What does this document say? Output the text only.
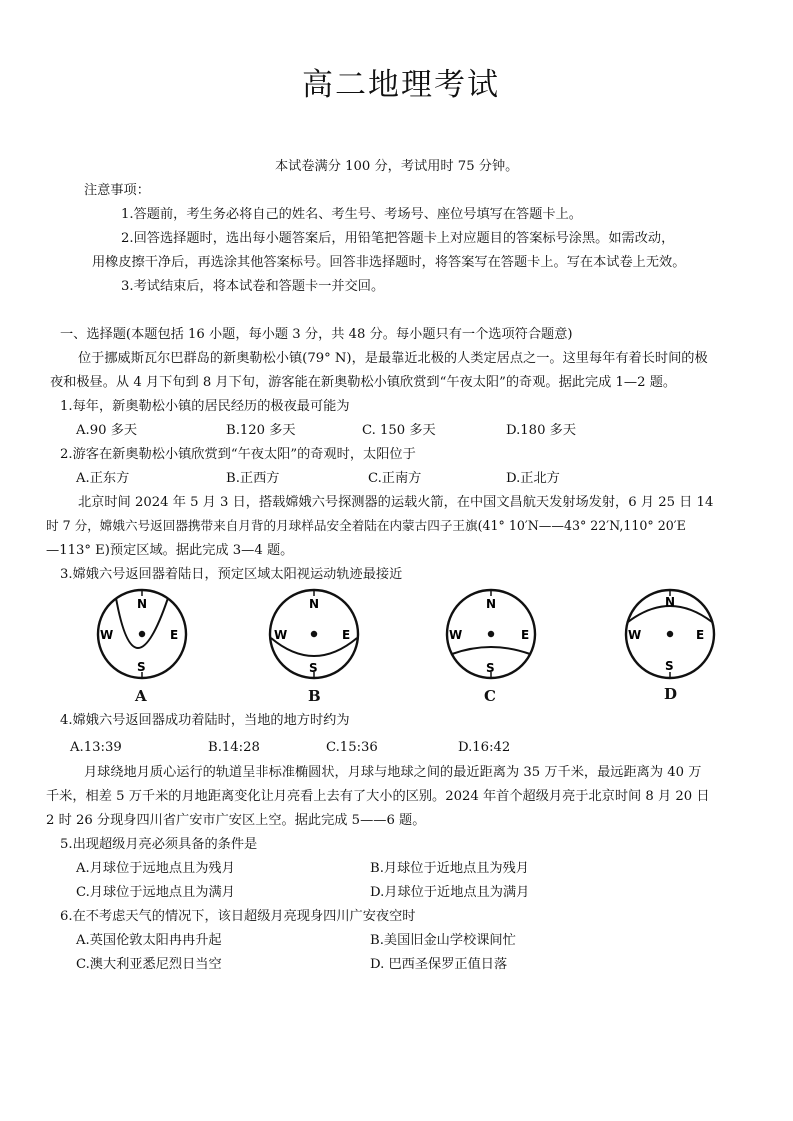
高二地理考试
本试卷满分 100 分，考试用时 75 分钟。
注意事项：
1.答题前，考生务必将自己的姓名、考生号、考场号、座位号填写在答题卡上。
2.回答选择题时，选出每小题答案后，用铅笔把答题卡上对应题目的答案标号涂黑。如需改动，
用橡皮擦干净后，再选涂其他答案标号。回答非选择题时，将答案写在答题卡上。写在本试卷上无效。
3.考试结束后，将本试卷和答题卡一并交回。
一、选择题(本题包括 16 小题，每小题 3 分，共 48 分。每小题只有一个选项符合题意)
位于挪威斯瓦尔巴群岛的新奥勒松小镇(79° N)，是最靠近北极的人类定居点之一。这里每年有着长时间的极
夜和极昼。从 4 月下旬到 8 月下旬，游客能在新奥勒松小镇欣赏到“午夜太阳”的奇观。据此完成 1—2 题。
1.每年，新奥勒松小镇的居民经历的极夜最可能为
A.90 多天	B.120 多天	C. 150 多天	D.180 多天
2.游客在新奥勒松小镇欣赏到“午夜太阳”的奇观时，太阳位于
A.正东方	B.正西方	C.正南方	D.正北方
北京时间 2024 年 5 月 3 日，搭载嫦娥六号探测器的运载火箭，在中国文昌航天发射场发射，6 月 25 日 14
时 7 分，嫦娥六号返回器携带来自月背的月球样品安全着陆在内蒙古四子王旗(41° 10′N——43° 22′N,110° 20′E
—113° E)预定区域。据此完成 3—4 题。
3.嫦娥六号返回器着陆日，预定区域太阳视运动轨迹最接近
N
W	E
S
A
N
W	E
S
B
N
W	E
S
C
N
W	E
S
D
4.嫦娥六号返回器成功着陆时，当地的地方时约为
A.13:39	B.14:28	C.15:36	D.16:42
月球绕地月质心运行的轨道呈非标准椭圆状，月球与地球之间的最近距离为 35 万千米，最远距离为 40 万
千米，相差 5 万千米的月地距离变化让月亮看上去有了大小的区别。2024 年首个超级月亮于北京时间 8 月 20 日
2 时 26 分现身四川省广安市广安区上空。据此完成 5——6 题。
5.出现超级月亮必须具备的条件是
A.月球位于远地点且为残月	B.月球位于近地点且为残月
C.月球位于远地点且为满月	D.月球位于近地点且为满月
6.在不考虑天气的情况下，该日超级月亮现身四川广安夜空时
A.英国伦敦太阳冉冉升起	B.美国旧金山学校课间忙
C.澳大利亚悉尼烈日当空	D. 巴西圣保罗正值日落
